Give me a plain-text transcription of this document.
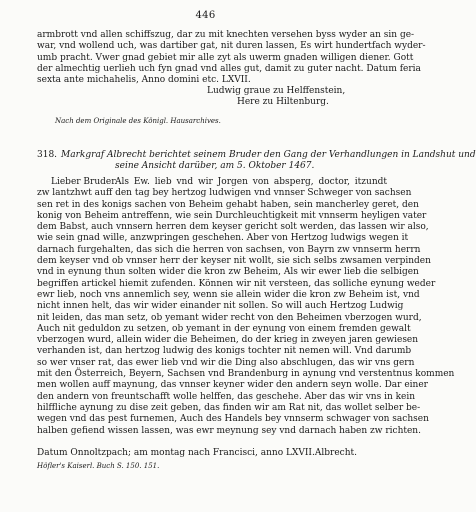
446
armbrott vnd allen schiffszug, dar zu mit knechten versehen byss wyder an sin ge-
war, vnd wollend uch, was dartiber gat, nit duren lassen, Es wirt hundertfach wyder-
umb pracht. Vwer gnad gebiet mir alle zyt als uwerm gnaden willigen diener. Gott
der almechtig uerlieh uch fyn gnad vnd alles gut, damit zu guter nacht. Datum feria
sexta ante michahelis, Anno domini etc. LXVII.
Ludwig graue zu Helffenstein,
Here zu Hiltenburg.
Nach dem Originale des Königl. Hausarchives.
318. Markgraf Albrecht berichtet seinem Bruder den Gang der Verhandlungen in Landshut und
seine Ansicht darüber, am 5. Oktober 1467.
Lieber Bruder.
Als Ew. lieb vnd wir Jorgen von absperg, doctor, itzundt
zw lantzhwt auff den tag bey hertzog ludwigen vnd vnnser Schweger von sachsen
sen ret in des konigs sachen von Beheim gehabt haben, sein mancherley geret, den
konig von Beheim antreffenn, wie sein Durchleuchtigkeit mit vnnserm heyligen vater
dem Babst, auch vnnsern herren dem keyser gericht solt werden, das lassen wir also,
wie sein gnad wille, anzwpringen geschehen. Aber von Hertzog ludwigs wegen it
darnach furgehalten, das sich die herren von sachsen, von Bayrn zw vnnserm herrn
dem keyser vnd ob vnnser herr der keyser nit wollt, sie sich selbs zwsamen verpinden
vnd in eynung thun solten wider die kron zw Beheim, Als wir ewer lieb die selbigen
begriffen artickel hiemit zufenden. Können wir nit versteen, das solliche eynung weder
ewr lieb, noch vns annemlich sey, wenn sie allein wider die kron zw Beheim ist, vnd
nicht innen helt, das wir wider einander nit sollen. So will auch Hertzog Ludwig
nit leiden, das man setz, ob yemant wider recht von den Beheimen vberzogen wurd,
Auch nit geduldon zu setzen, ob yemant in der eynung von einem fremden gewalt
vberzogen wurd, allein wider die Beheimen, do der krieg in zweyen jaren gewiesen
verhanden ist, dan hertzog ludwig des konigs tochter nit nemen will. Vnd darumb
so wer vnser rat, das ewer lieb vnd wir die Ding also abschlugen, das wir vns gern
mit den Österreich, Beyern, Sachsen vnd Brandenburg in aynung vnd verstentnus kommen
men wollen auff maynung, das vnnser keyner wider den andern seyn wolle. Dar einer
den andern von freuntschafft wolle helffen, das geschehe. Aber das wir vns in kein
hilffliche aynung zu dise zeit geben, das finden wir am Rat nit, das wollet selber be-
wegen vnd das pest furnemen, Auch des Handels bey vnnserm schwager von sachsen
halben gefiend wissen lassen, was ewr meynung sey vnd darnach haben zw richten.
Datum Onnoltzpach; am montag nach Francisci, anno LXVII. Albrecht.
Höfler's Kaiserl. Buch S. 150. 151.
